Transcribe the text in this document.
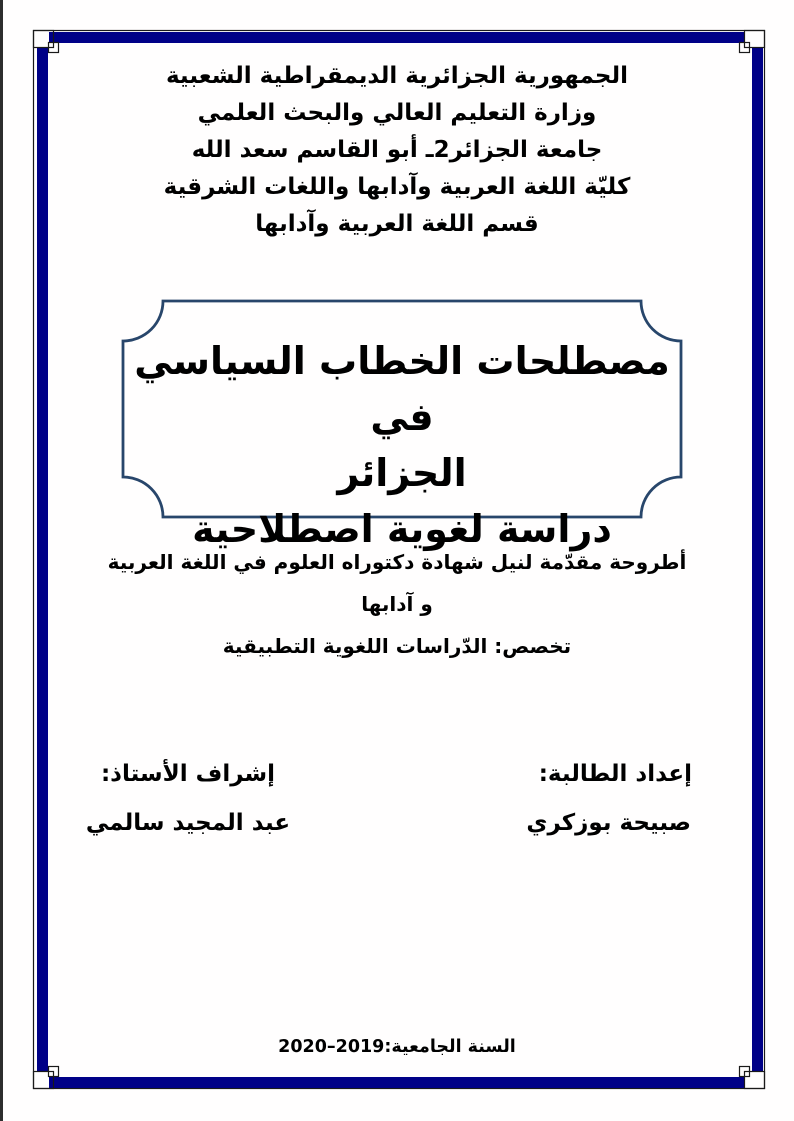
الجمهورية الجزائرية الديمقراطية الشعبية
وزارة التعليم العالي والبحث العلمي
جامعة الجزائر2ـ أبو القاسم سعد الله
كليّة اللغة العربية وآدابها واللغات الشرقية
قسم اللغة العربية وآدابها
مصطلحات الخطاب السياسي في
الجزائر
دراسة لغوية اصطلاحية
أطروحة مقدّمة لنيل شهادة دكتوراه العلوم في اللغة العربية
و آدابها
تخصص: الدّراسات اللغوية التطبيقية
إعداد الطالبة:
صبيحة بوزكري
إشراف الأستاذ:
عبد المجيد سالمي
السنة الجامعية:2019–2020
